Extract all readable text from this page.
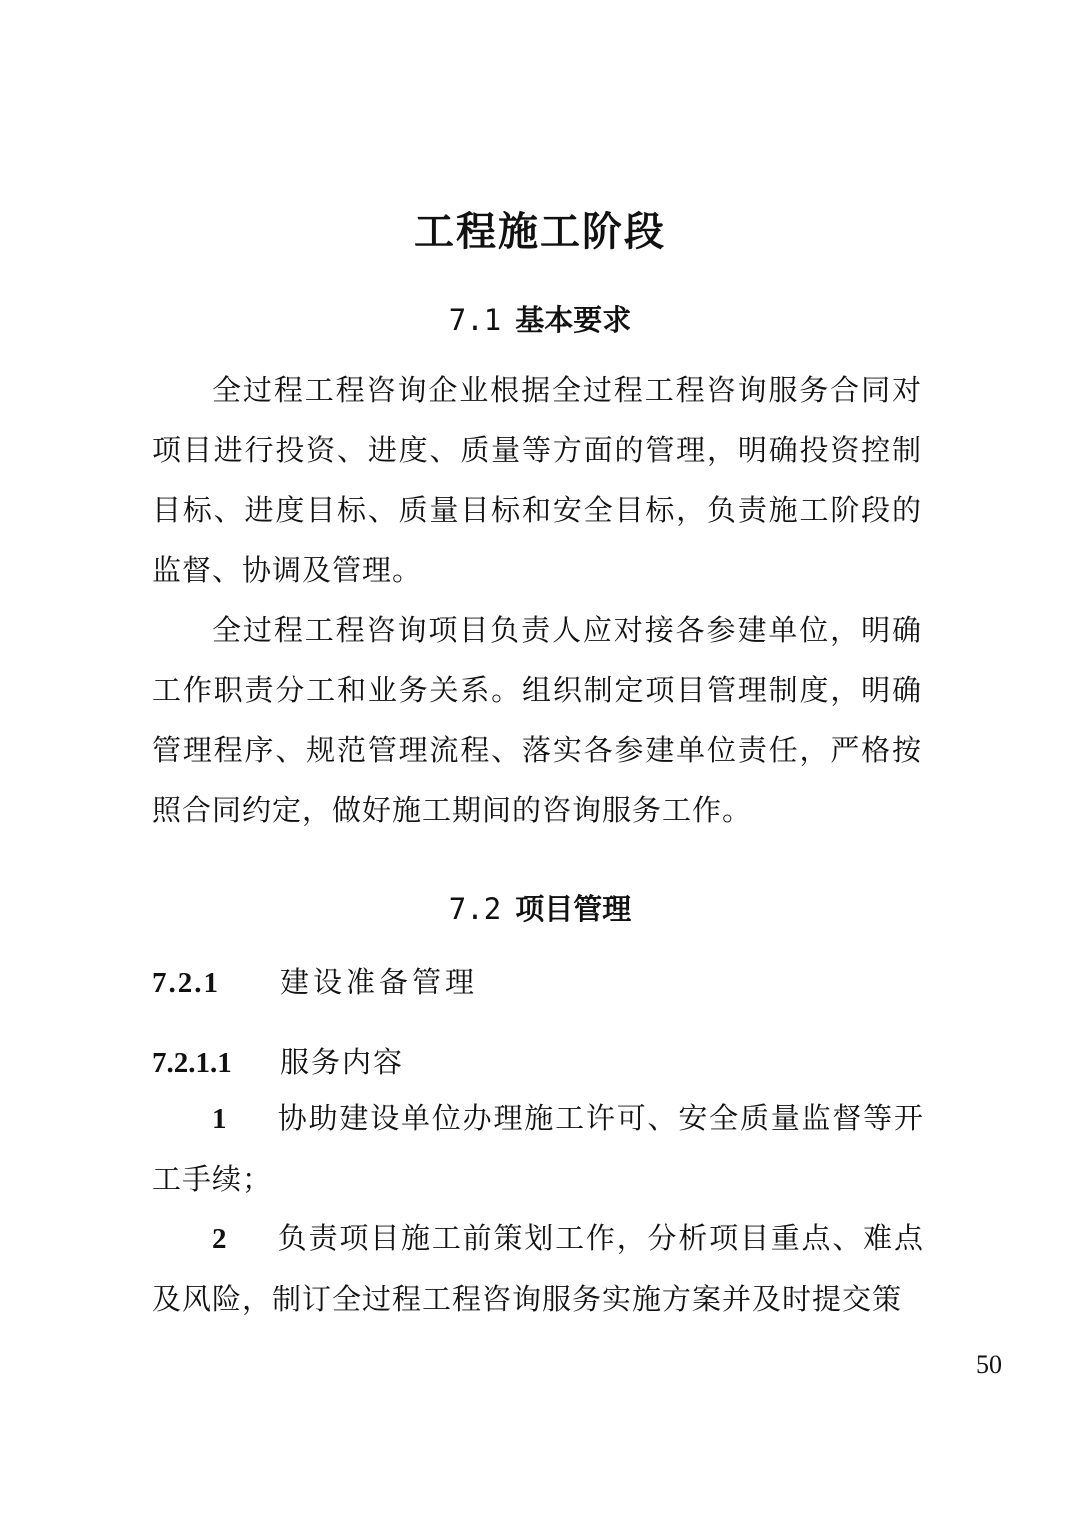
工程施工阶段
7.1 基本要求

全过程工程咨询企业根据全过程工程咨询服务合同对项目进行投资、进度、质量等方面的管理，明确投资控制目标、进度目标、质量目标和安全目标，负责施工阶段的监督、协调及管理。

全过程工程咨询项目负责人应对接各参建单位，明确工作职责分工和业务关系。组织制定项目管理制度，明确管理程序、规范管理流程、落实各参建单位责任，严格按照合同约定，做好施工期间的咨询服务工作。

7.2 项目管理
7.2.1 建设准备管理
7.2.1.1 服务内容
1 协助建设单位办理施工许可、安全质量监督等开工手续；
2 负责项目施工前策划工作，分析项目重点、难点及风险，制订全过程工程咨询服务实施方案并及时提交策
50
